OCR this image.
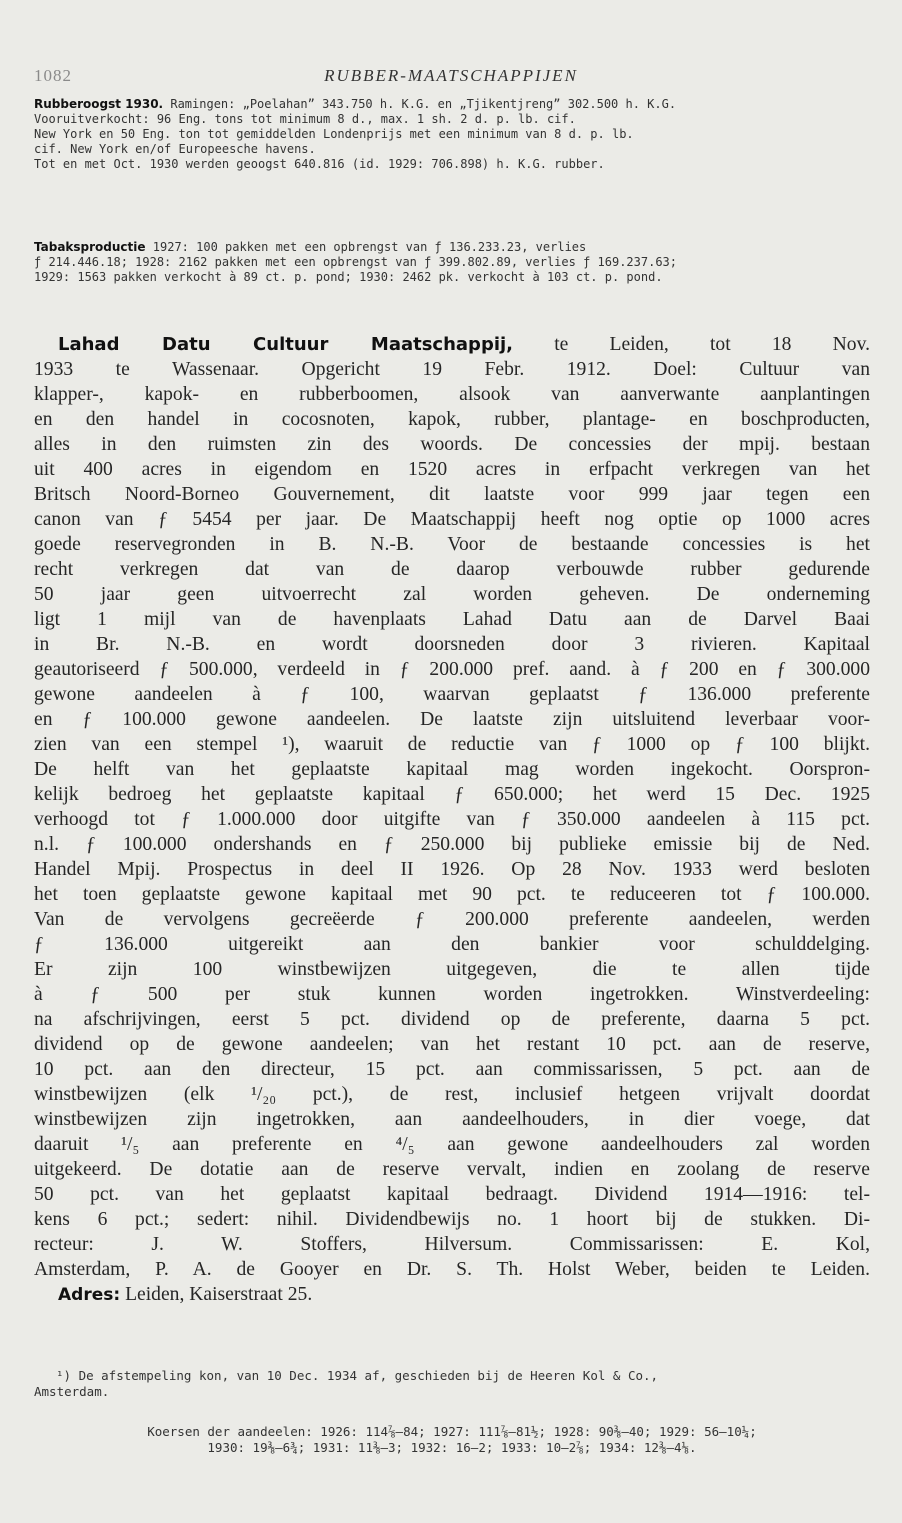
1082	RUBBER-MAATSCHAPPIJEN
Rubberoogst 1930. Ramingen: „Poelahan” 343.750 h. K.G. en „Tjikentjreng” 302.500 h. K.G.
Vooruitverkocht: 96 Eng. tons tot minimum 8 d., max. 1 sh. 2 d. p. lb. cif.
New York en 50 Eng. ton tot gemiddelden Londenprijs met een minimum van 8 d. p. lb.
cif. New York en/of Europeesche havens.
Tot en met Oct. 1930 werden geoogst 640.816 (id. 1929: 706.898) h. K.G. rubber.
Tabaksproductie 1927: 100 pakken met een opbrengst van ƒ 136.233.23, verlies
ƒ 214.446.18; 1928: 2162 pakken met een opbrengst van ƒ 399.802.89, verlies ƒ 169.237.63;
1929: 1563 pakken verkocht à 89 ct. p. pond; 1930: 2462 pk. verkocht à 103 ct. p. pond.
Lahad Datu Cultuur Maatschappij, te Leiden, tot 18 Nov.
1933 te Wassenaar. Opgericht 19 Febr. 1912. Doel: Cultuur van
klapper-, kapok- en rubberboomen, alsook van aanverwante aanplantingen
en den handel in cocosnoten, kapok, rubber, plantage- en boschproducten,
alles in den ruimsten zin des woords. De concessies der mpij. bestaan
uit 400 acres in eigendom en 1520 acres in erfpacht verkregen van het
Britsch Noord-Borneo Gouvernement, dit laatste voor 999 jaar tegen een
canon van ƒ 5454 per jaar. De Maatschappij heeft nog optie op 1000 acres
goede reservegronden in B. N.-B. Voor de bestaande concessies is het
recht verkregen dat van de daarop verbouwde rubber gedurende
50 jaar geen uitvoerrecht zal worden geheven. De onderneming
ligt 1 mijl van de havenplaats Lahad Datu aan de Darvel Baai
in Br. N.-B. en wordt doorsneden door 3 rivieren. Kapitaal
geautoriseerd ƒ 500.000, verdeeld in ƒ 200.000 pref. aand. à ƒ 200 en ƒ 300.000
gewone aandeelen à ƒ 100, waarvan geplaatst ƒ 136.000 preferente
en ƒ 100.000 gewone aandeelen. De laatste zijn uitsluitend leverbaar voor-
zien van een stempel ¹), waaruit de reductie van ƒ 1000 op ƒ 100 blijkt.
De helft van het geplaatste kapitaal mag worden ingekocht. Oorspron-
kelijk bedroeg het geplaatste kapitaal ƒ 650.000; het werd 15 Dec. 1925
verhoogd tot ƒ 1.000.000 door uitgifte van ƒ 350.000 aandeelen à 115 pct.
n.l. ƒ 100.000 ondershands en ƒ 250.000 bij publieke emissie bij de Ned.
Handel Mpij. Prospectus in deel II 1926. Op 28 Nov. 1933 werd besloten
het toen geplaatste gewone kapitaal met 90 pct. te reduceeren tot ƒ 100.000.
Van de vervolgens gecreëerde ƒ 200.000 preferente aandeelen, werden
ƒ 136.000 uitgereikt aan den bankier voor schulddelging.
Er zijn 100 winstbewijzen uitgegeven, die te allen tijde
à ƒ 500 per stuk kunnen worden ingetrokken. Winstverdeeling:
na afschrijvingen, eerst 5 pct. dividend op de preferente, daarna 5 pct.
dividend op de gewone aandeelen; van het restant 10 pct. aan de reserve,
10 pct. aan den directeur, 15 pct. aan commissarissen, 5 pct. aan de
winstbewijzen (elk ¹/₂₀ pct.), de rest, inclusief hetgeen vrijvalt doordat
winstbewijzen zijn ingetrokken, aan aandeelhouders, in dier voege, dat
daaruit ¹/₅ aan preferente en ⁴/₅ aan gewone aandeelhouders zal worden
uitgekeerd. De dotatie aan de reserve vervalt, indien en zoolang de reserve
50 pct. van het geplaatst kapitaal bedraagt. Dividend 1914—1916: tel-
kens 6 pct.; sedert: nihil. Dividendbewijs no. 1 hoort bij de stukken. Di-
recteur: J. W. Stoffers, Hilversum. Commissarissen: E. Kol,
Amsterdam, P. A. de Gooyer en Dr. S. Th. Holst Weber, beiden te Leiden.
Adres: Leiden, Kaiserstraat 25.
¹) De afstempeling kon, van 10 Dec. 1934 af, geschieden bij de Heeren Kol & Co.,
Amsterdam.
Koersen der aandeelen: 1926: 114⅞—84; 1927: 111⅞—81½; 1928: 90⅜—40; 1929: 56—10¼;
1930: 19⅜—6¾; 1931: 11⅜—3; 1932: 16—2; 1933: 10—2⅞; 1934: 12⅜—4⅛.
